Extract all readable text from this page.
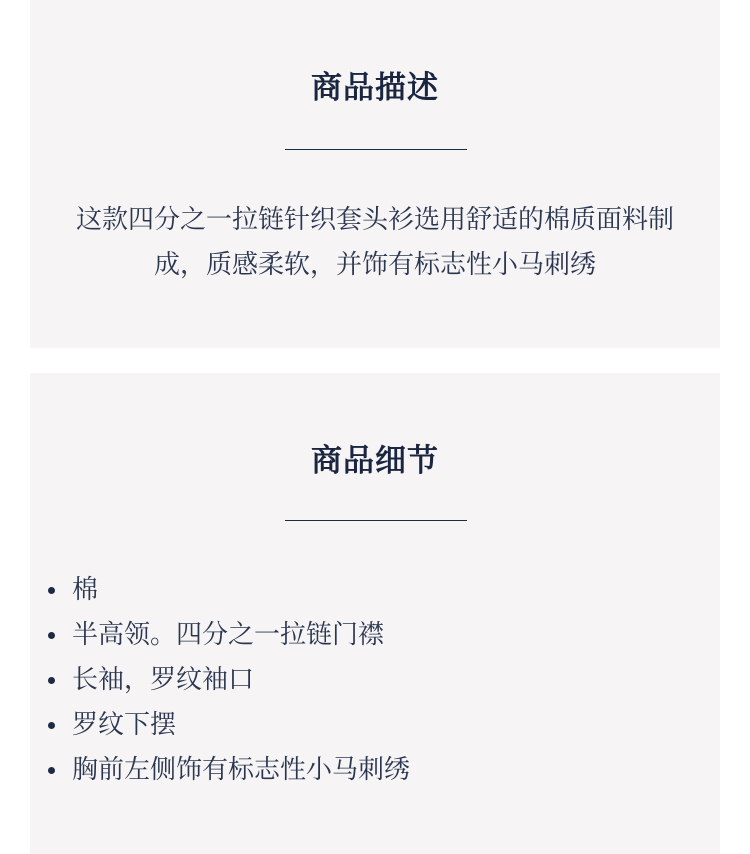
商品描述

这款四分之一拉链针织套头衫选用舒适的棉质面料制成，质感柔软，并饰有标志性小马刺绣

商品细节
棉
半高领。四分之一拉链门襟
长袖，罗纹袖口
罗纹下摆
胸前左侧饰有标志性小马刺绣
